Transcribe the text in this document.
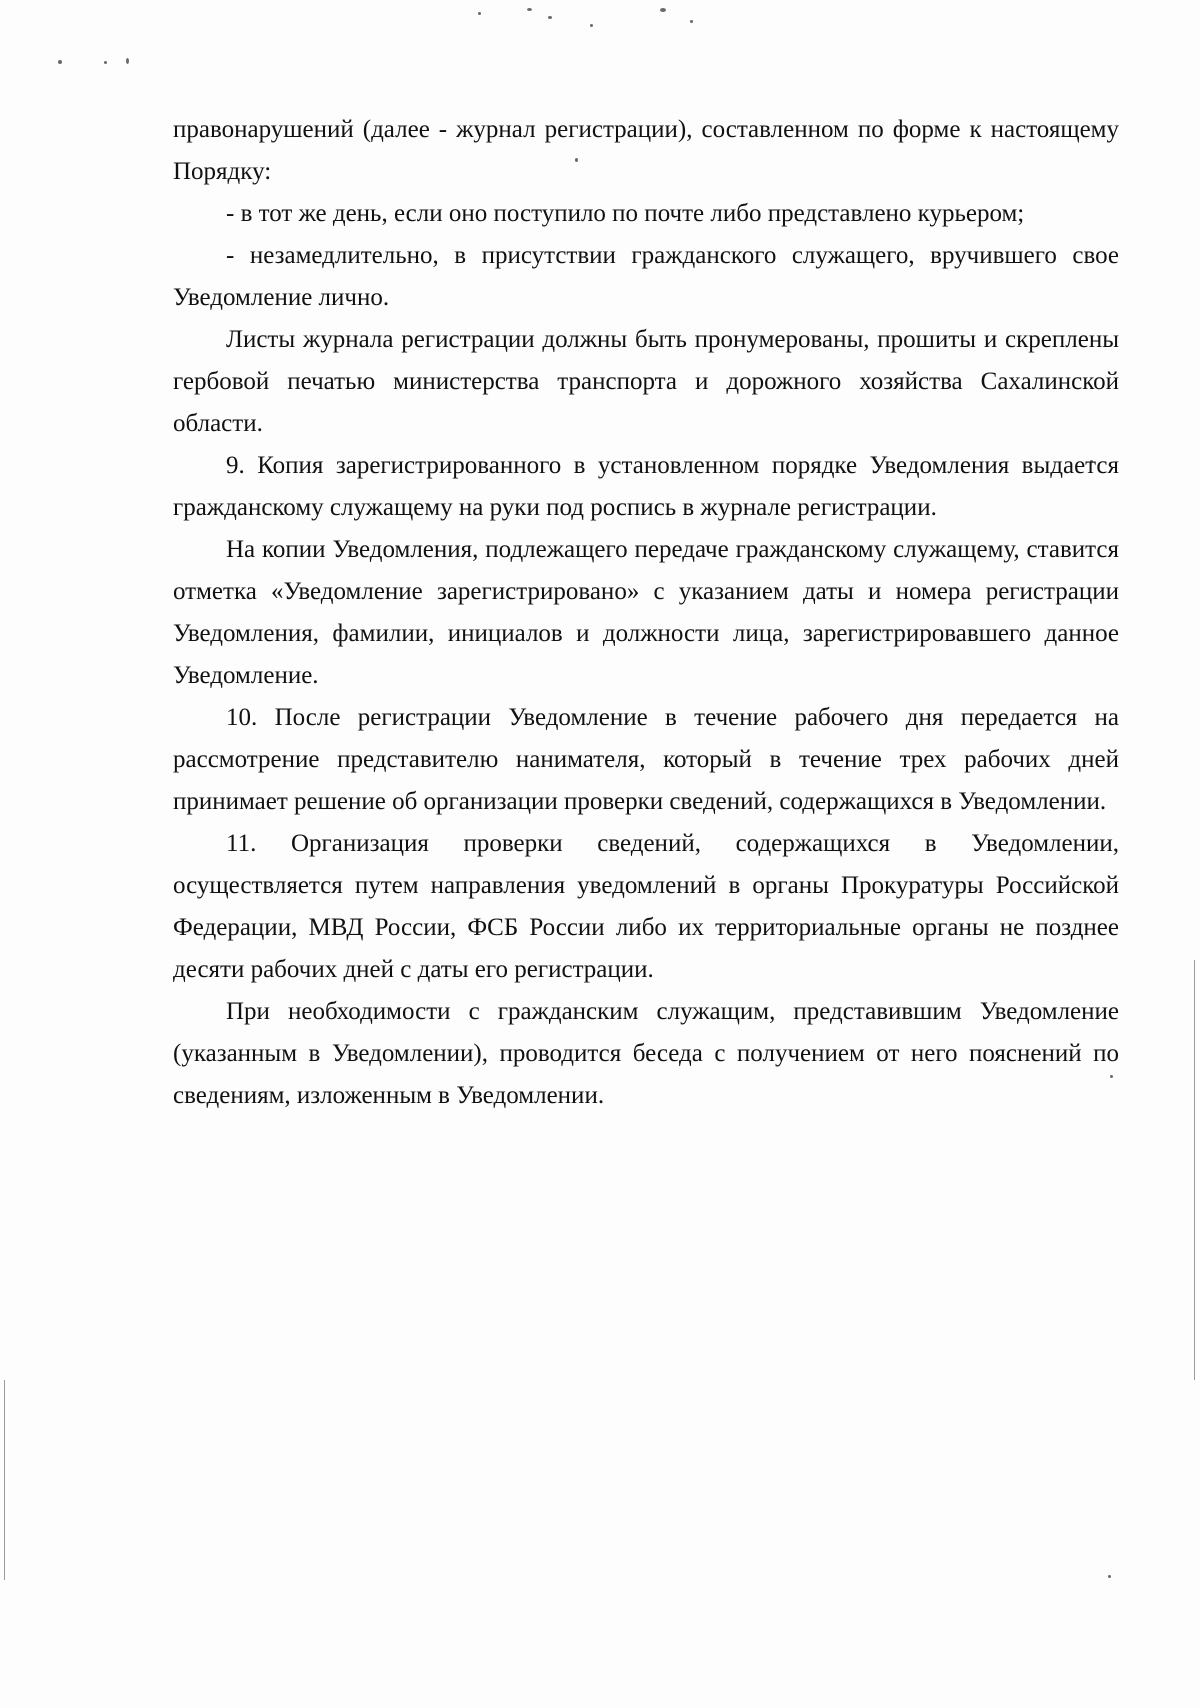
правонарушений (далее - журнал регистрации), составленном по форме к настоящему Порядку:

- в тот же день, если оно поступило по почте либо представлено курьером;

- незамедлительно, в присутствии гражданского служащего, вручившего свое Уведомление лично.

Листы журнала регистрации должны быть пронумерованы, прошиты и скреплены гербовой печатью министерства транспорта и дорожного хозяйства Сахалинской области.

9. Копия зарегистрированного в установленном порядке Уведомления выдается гражданскому служащему на руки под роспись в журнале регистрации.

На копии Уведомления, подлежащего передаче гражданскому служащему, ставится отметка «Уведомление зарегистрировано» с указанием даты и номера регистрации Уведомления, фамилии, инициалов и должности лица, зарегистрировавшего данное Уведомление.

10. После регистрации Уведомление в течение рабочего дня передается на рассмотрение представителю нанимателя, который в течение трех рабочих дней принимает решение об организации проверки сведений, содержащихся в Уведомлении.

11. Организация проверки сведений, содержащихся в Уведомлении, осуществляется путем направления уведомлений в органы Прокуратуры Российской Федерации, МВД России, ФСБ России либо их территориальные органы не позднее десяти рабочих дней с даты его регистрации.

При необходимости с гражданским служащим, представившим Уведомление (указанным в Уведомлении), проводится беседа с получением от него пояснений по сведениям, изложенным в Уведомлении.
